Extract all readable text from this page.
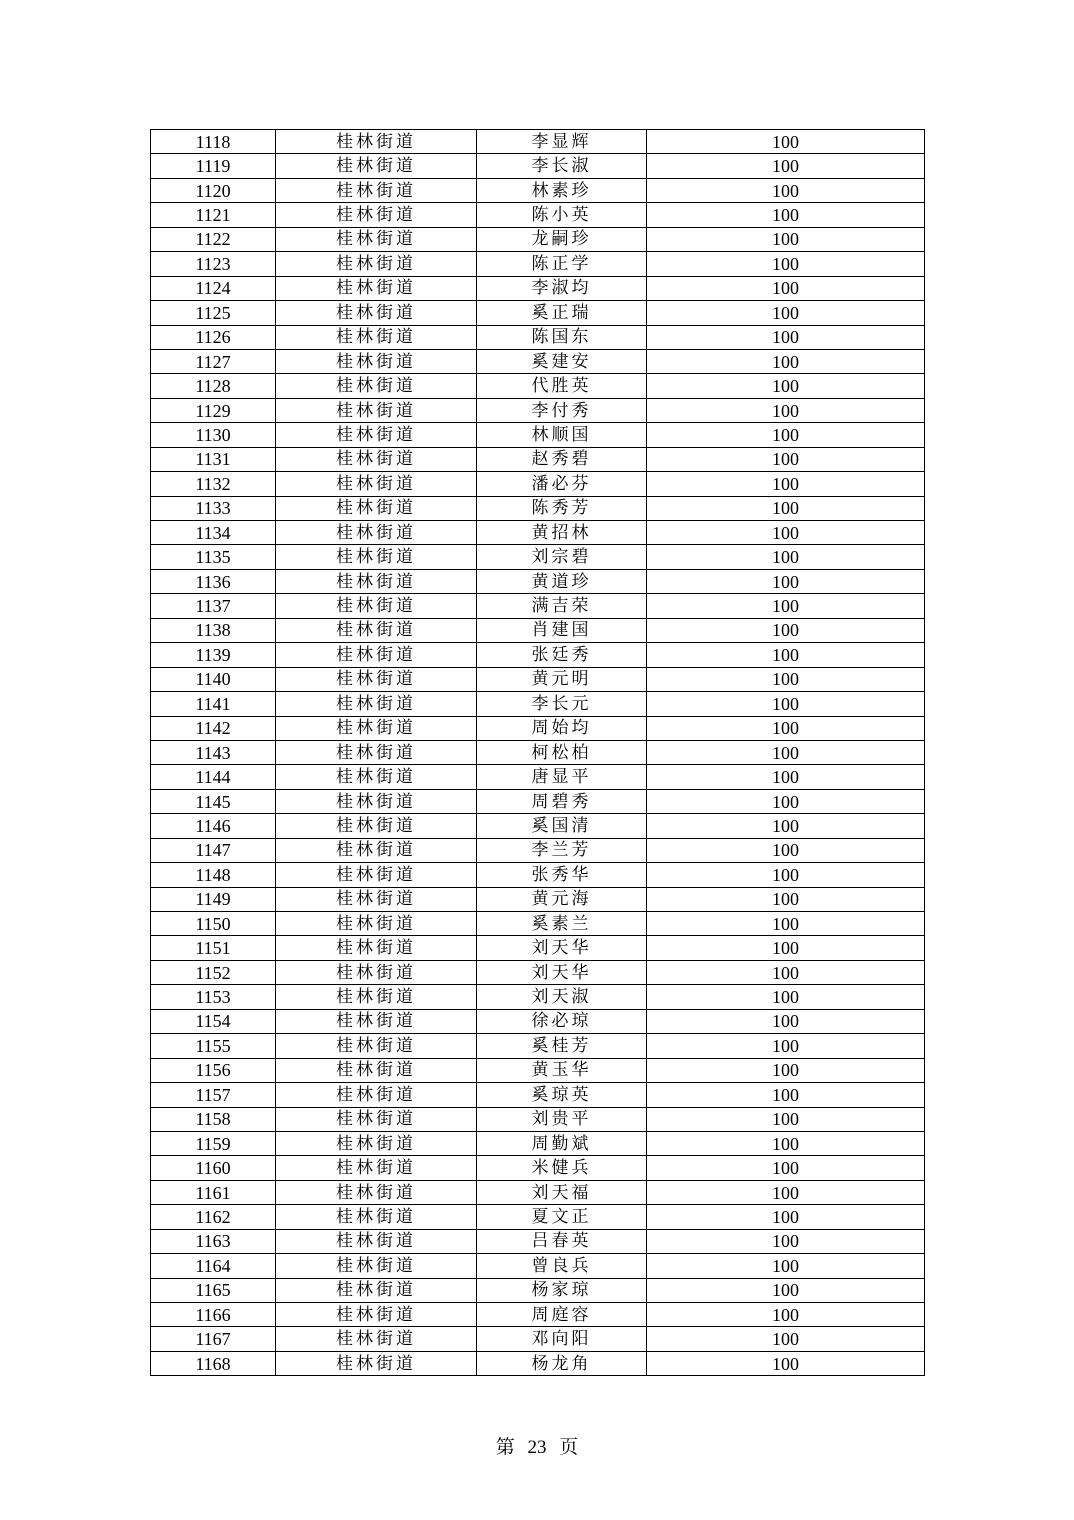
1118	桂林街道	李显辉	100
1119	桂林街道	李长淑	100
1120	桂林街道	林素珍	100
1121	桂林街道	陈小英	100
1122	桂林街道	龙嗣珍	100
1123	桂林街道	陈正学	100
1124	桂林街道	李淑均	100
1125	桂林街道	奚正瑞	100
1126	桂林街道	陈国东	100
1127	桂林街道	奚建安	100
1128	桂林街道	代胜英	100
1129	桂林街道	李付秀	100
1130	桂林街道	林顺国	100
1131	桂林街道	赵秀碧	100
1132	桂林街道	潘必芬	100
1133	桂林街道	陈秀芳	100
1134	桂林街道	黄招林	100
1135	桂林街道	刘宗碧	100
1136	桂林街道	黄道珍	100
1137	桂林街道	满吉荣	100
1138	桂林街道	肖建国	100
1139	桂林街道	张廷秀	100
1140	桂林街道	黄元明	100
1141	桂林街道	李长元	100
1142	桂林街道	周始均	100
1143	桂林街道	柯松柏	100
1144	桂林街道	唐显平	100
1145	桂林街道	周碧秀	100
1146	桂林街道	奚国清	100
1147	桂林街道	李兰芳	100
1148	桂林街道	张秀华	100
1149	桂林街道	黄元海	100
1150	桂林街道	奚素兰	100
1151	桂林街道	刘天华	100
1152	桂林街道	刘天华	100
1153	桂林街道	刘天淑	100
1154	桂林街道	徐必琼	100
1155	桂林街道	奚桂芳	100
1156	桂林街道	黄玉华	100
1157	桂林街道	奚琼英	100
1158	桂林街道	刘贵平	100
1159	桂林街道	周勤斌	100
1160	桂林街道	米健兵	100
1161	桂林街道	刘天福	100
1162	桂林街道	夏文正	100
1163	桂林街道	吕春英	100
1164	桂林街道	曾良兵	100
1165	桂林街道	杨家琼	100
1166	桂林街道	周庭容	100
1167	桂林街道	邓向阳	100
1168	桂林街道	杨龙角	100
第 23 页
